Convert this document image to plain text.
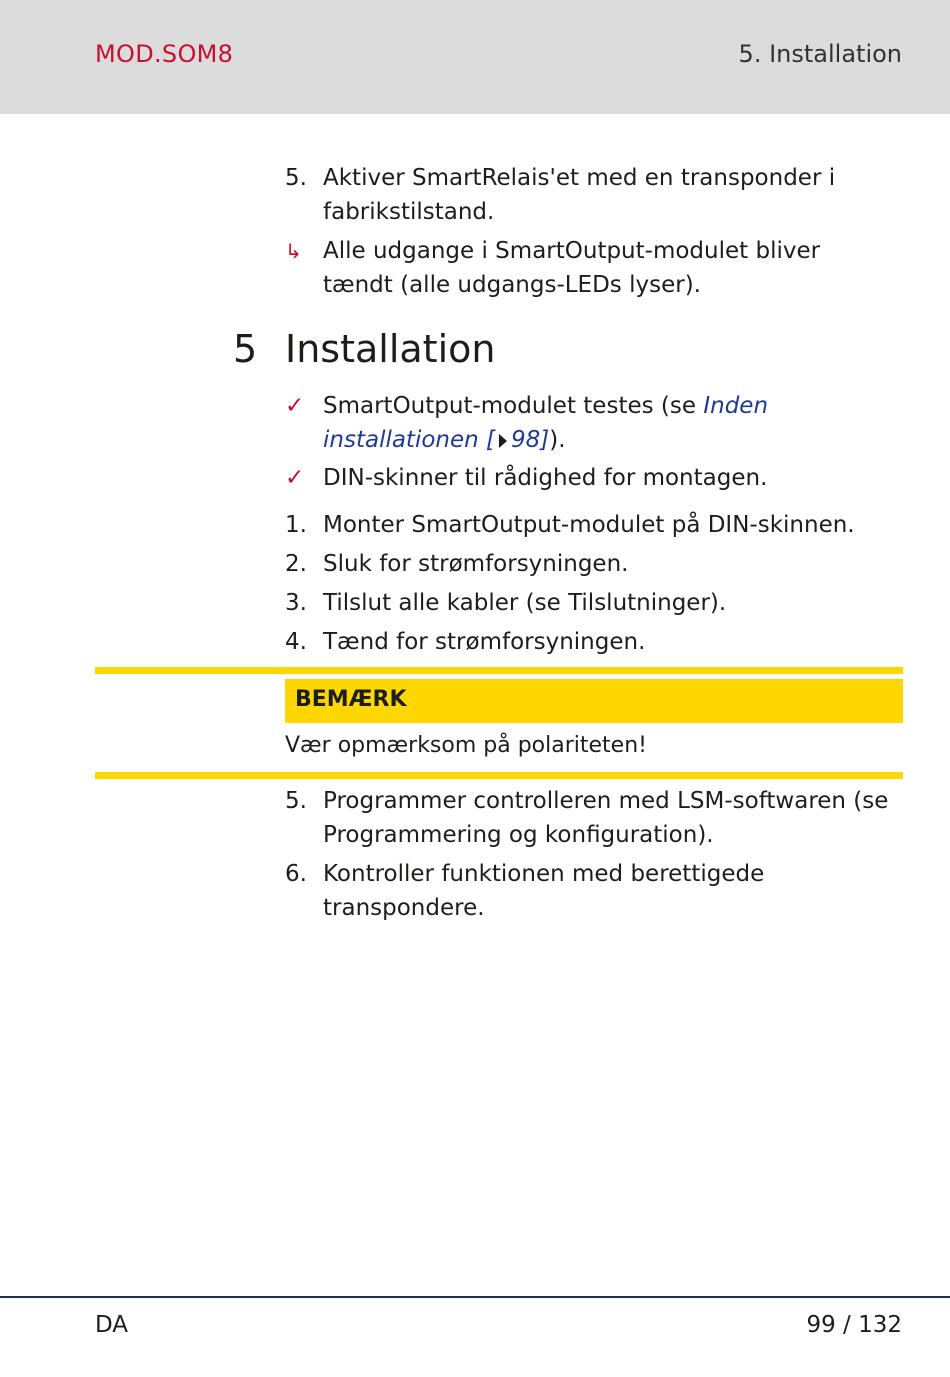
MOD.SOM8	5. Installation
5. Aktiver SmartRelais'et med en transponder i fabrikstilstand.
↳ Alle udgange i SmartOutput-modulet bliver tændt (alle udgangs-LEDs lyser).
5 Installation
✓ SmartOutput-modulet testes (se Inden installationen [ 98]).
✓ DIN-skinner til rådighed for montagen.
1. Monter SmartOutput-modulet på DIN-skinnen.
2. Sluk for strømforsyningen.
3. Tilslut alle kabler (se Tilslutninger).
4. Tænd for strømforsyningen.
BEMÆRK
Vær opmærksom på polariteten!
5. Programmer controlleren med LSM-softwaren (se Programmering og konfiguration).
6. Kontroller funktionen med berettigede transpondere.
DA	99 / 132
